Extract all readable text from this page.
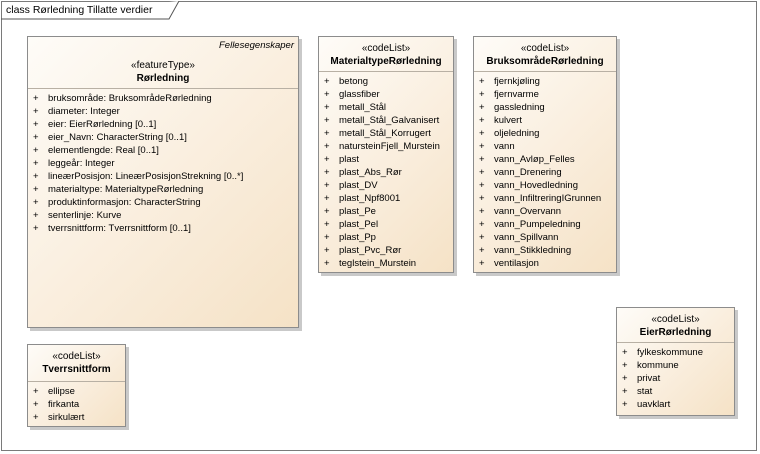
class Rørledning Tillatte verdier
Fellesegenskaper
«featureType»
Rørledning
+ bruksområde: BruksområdeRørledning
+ diameter: Integer
+ eier: EierRørledning [0..1]
+ eier_Navn: CharacterString [0..1]
+ elementlengde: Real [0..1]
+ leggeår: Integer
+ lineærPosisjon: LineærPosisjonStrekning [0..*]
+ materialtype: MaterialtypeRørledning
+ produktinformasjon: CharacterString
+ senterlinje: Kurve
+ tverrsnittform: Tverrsnittform [0..1]
«codeList»
MaterialtypeRørledning
+ betong
+ glassfiber
+ metall_Stål
+ metall_Stål_Galvanisert
+ metall_Stål_Korrugert
+ natursteinFjell_Murstein
+ plast
+ plast_Abs_Rør
+ plast_DV
+ plast_Npf8001
+ plast_Pe
+ plast_Pel
+ plast_Pp
+ plast_Pvc_Rør
+ teglstein_Murstein
«codeList»
BruksområdeRørledning
+ fjernkjøling
+ fjernvarme
+ gassledning
+ kulvert
+ oljeledning
+ vann
+ vann_Avløp_Felles
+ vann_Drenering
+ vann_Hovedledning
+ vann_InfiltreringIGrunnen
+ vann_Overvann
+ vann_Pumpeledning
+ vann_Spillvann
+ vann_Stikkledning
+ ventilasjon
«codeList»
Tverrsnittform
+ ellipse
+ firkanta
+ sirkulært
«codeList»
EierRørledning
+ fylkeskommune
+ kommune
+ privat
+ stat
+ uavklart
